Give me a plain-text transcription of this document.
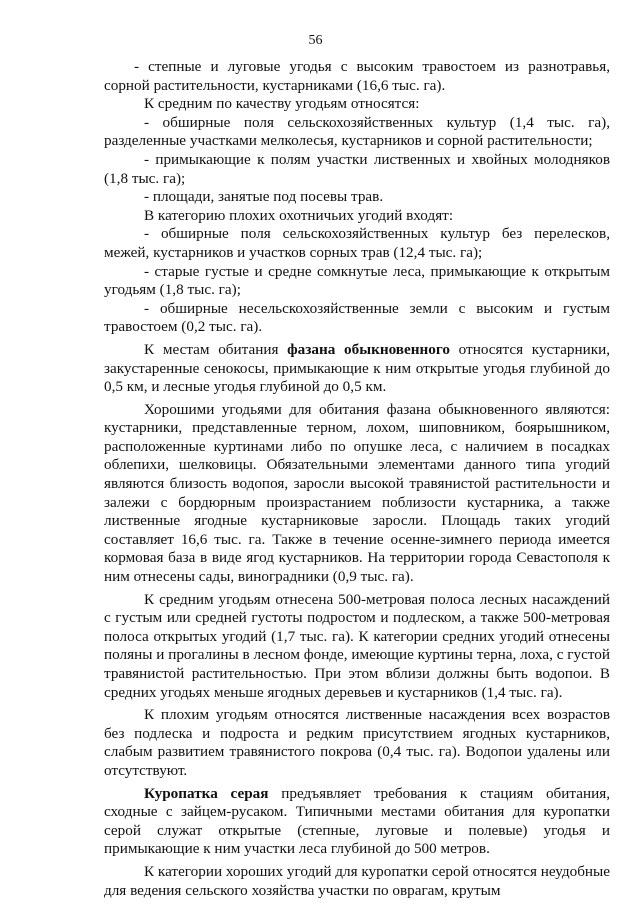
56

- степные и луговые угодья с высоким травостоем из разнотравья, сорной растительности, кустарниками (16,6 тыс. га).

К средним по качеству угодьям относятся:

- обширные поля сельскохозяйственных культур (1,4 тыс. га), разделенные участками мелколесья, кустарников и сорной растительности;

- примыкающие к полям участки лиственных и хвойных молодняков (1,8 тыс. га);

- площади, занятые под посевы трав.

В категорию плохих охотничьих угодий входят:

- обширные поля сельскохозяйственных культур без перелесков, межей, кустарников и участков сорных трав (12,4 тыс. га);

- старые густые и средне сомкнутые леса, примыкающие к открытым угодьям (1,8 тыс. га);

- обширные несельскохозяйственные земли с высоким и густым травостоем (0,2 тыс. га).

К местам обитания фазана обыкновенного относятся кустарники, закустаренные сенокосы, примыкающие к ним открытые угодья глубиной до 0,5 км, и лесные угодья глубиной до 0,5 км.

Хорошими угодьями для обитания фазана обыкновенного являются: кустарники, представленные терном, лохом, шиповником, боярышником, расположенные куртинами либо по опушке леса, с наличием в посадках облепихи, шелковицы. Обязательными элементами данного типа угодий являются близость водопоя, заросли высокой травянистой растительности и залежи с бордюрным произрастанием поблизости кустарника, а также лиственные ягодные кустарниковые заросли. Площадь таких угодий составляет 16,6 тыс. га. Также в течение осенне-зимнего периода имеется кормовая база в виде ягод кустарников. На территории города Севастополя к ним отнесены сады, виноградники (0,9 тыс. га).

К средним угодьям отнесена 500-метровая полоса лесных насаждений с густым или средней густоты подростом и подлеском, а также 500-метровая полоса открытых угодий (1,7 тыс. га). К категории средних угодий отнесены поляны и прогалины в лесном фонде, имеющие куртины терна, лоха, с густой травянистой растительностью. При этом вблизи должны быть водопои. В средних угодьях меньше ягодных деревьев и кустарников (1,4 тыс. га).

К плохим угодьям относятся лиственные насаждения всех возрастов без подлеска и подроста и редким присутствием ягодных кустарников, слабым развитием травянистого покрова (0,4 тыс. га). Водопои удалены или отсутствуют.

Куропатка серая предъявляет требования к стациям обитания, сходные с зайцем-русаком. Типичными местами обитания для куропатки серой служат открытые (степные, луговые и полевые) угодья и примыкающие к ним участки леса глубиной до 500 метров.

К категории хороших угодий для куропатки серой относятся неудобные для ведения сельского хозяйства участки по оврагам, крутым
